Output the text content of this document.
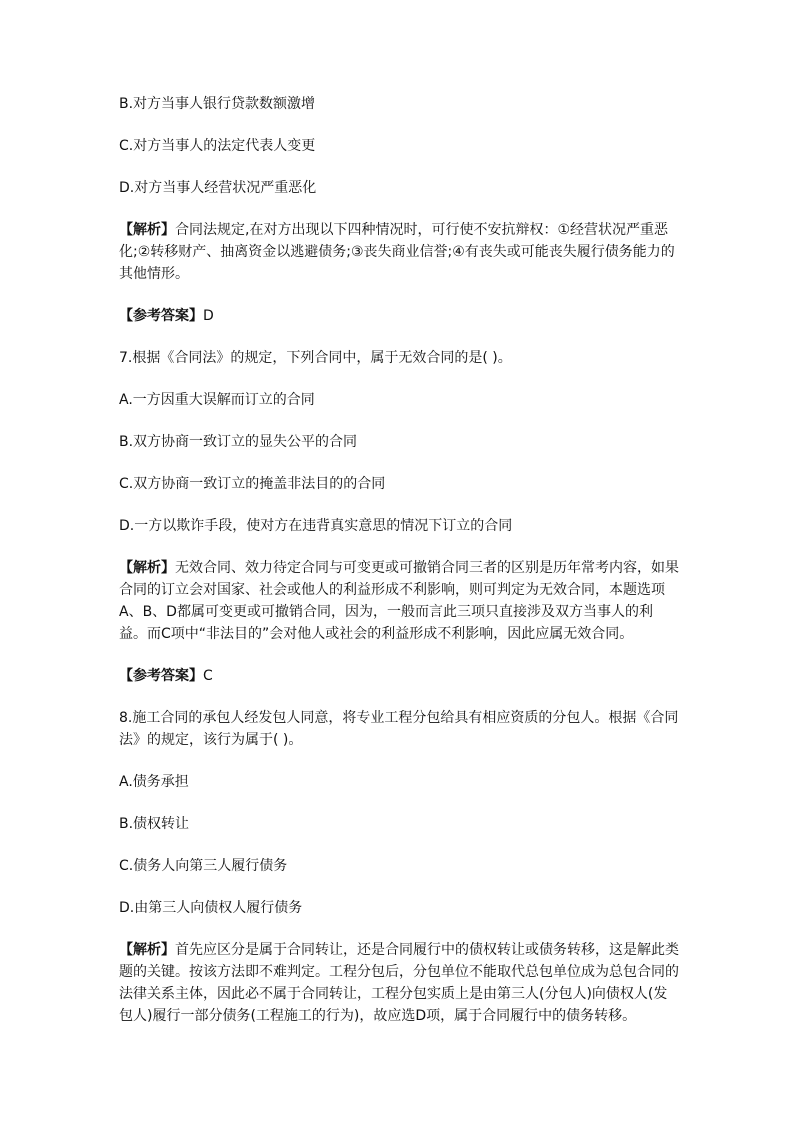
B.对方当事人银行贷款数额激增

C.对方当事人的法定代表人变更

D.对方当事人经营状况严重恶化

【解析】合同法规定,在对方出现以下四种情况时，可行使不安抗辩权：①经营状况严重恶化;②转移财产、抽离资金以逃避债务;③丧失商业信誉;④有丧失或可能丧失履行债务能力的其他情形。

【参考答案】D

7.根据《合同法》的规定，下列合同中，属于无效合同的是( )。

A.一方因重大误解而订立的合同

B.双方协商一致订立的显失公平的合同

C.双方协商一致订立的掩盖非法目的的合同

D.一方以欺诈手段，使对方在违背真实意思的情况下订立的合同

【解析】无效合同、效力待定合同与可变更或可撤销合同三者的区别是历年常考内容，如果合同的订立会对国家、社会或他人的利益形成不利影响，则可判定为无效合同，本题选项A、B、D都属可变更或可撤销合同，因为，一般而言此三项只直接涉及双方当事人的利益。而C项中“非法目的”会对他人或社会的利益形成不利影响，因此应属无效合同。

【参考答案】C

8.施工合同的承包人经发包人同意，将专业工程分包给具有相应资质的分包人。根据《合同法》的规定，该行为属于( )。

A.债务承担

B.债权转让

C.债务人向第三人履行债务

D.由第三人向债权人履行债务

【解析】首先应区分是属于合同转让，还是合同履行中的债权转让或债务转移，这是解此类题的关键。按该方法即不难判定。工程分包后，分包单位不能取代总包单位成为总包合同的法律关系主体，因此必不属于合同转让，工程分包实质上是由第三人(分包人)向债权人(发包人)履行一部分债务(工程施工的行为)，故应选D项，属于合同履行中的债务转移。
